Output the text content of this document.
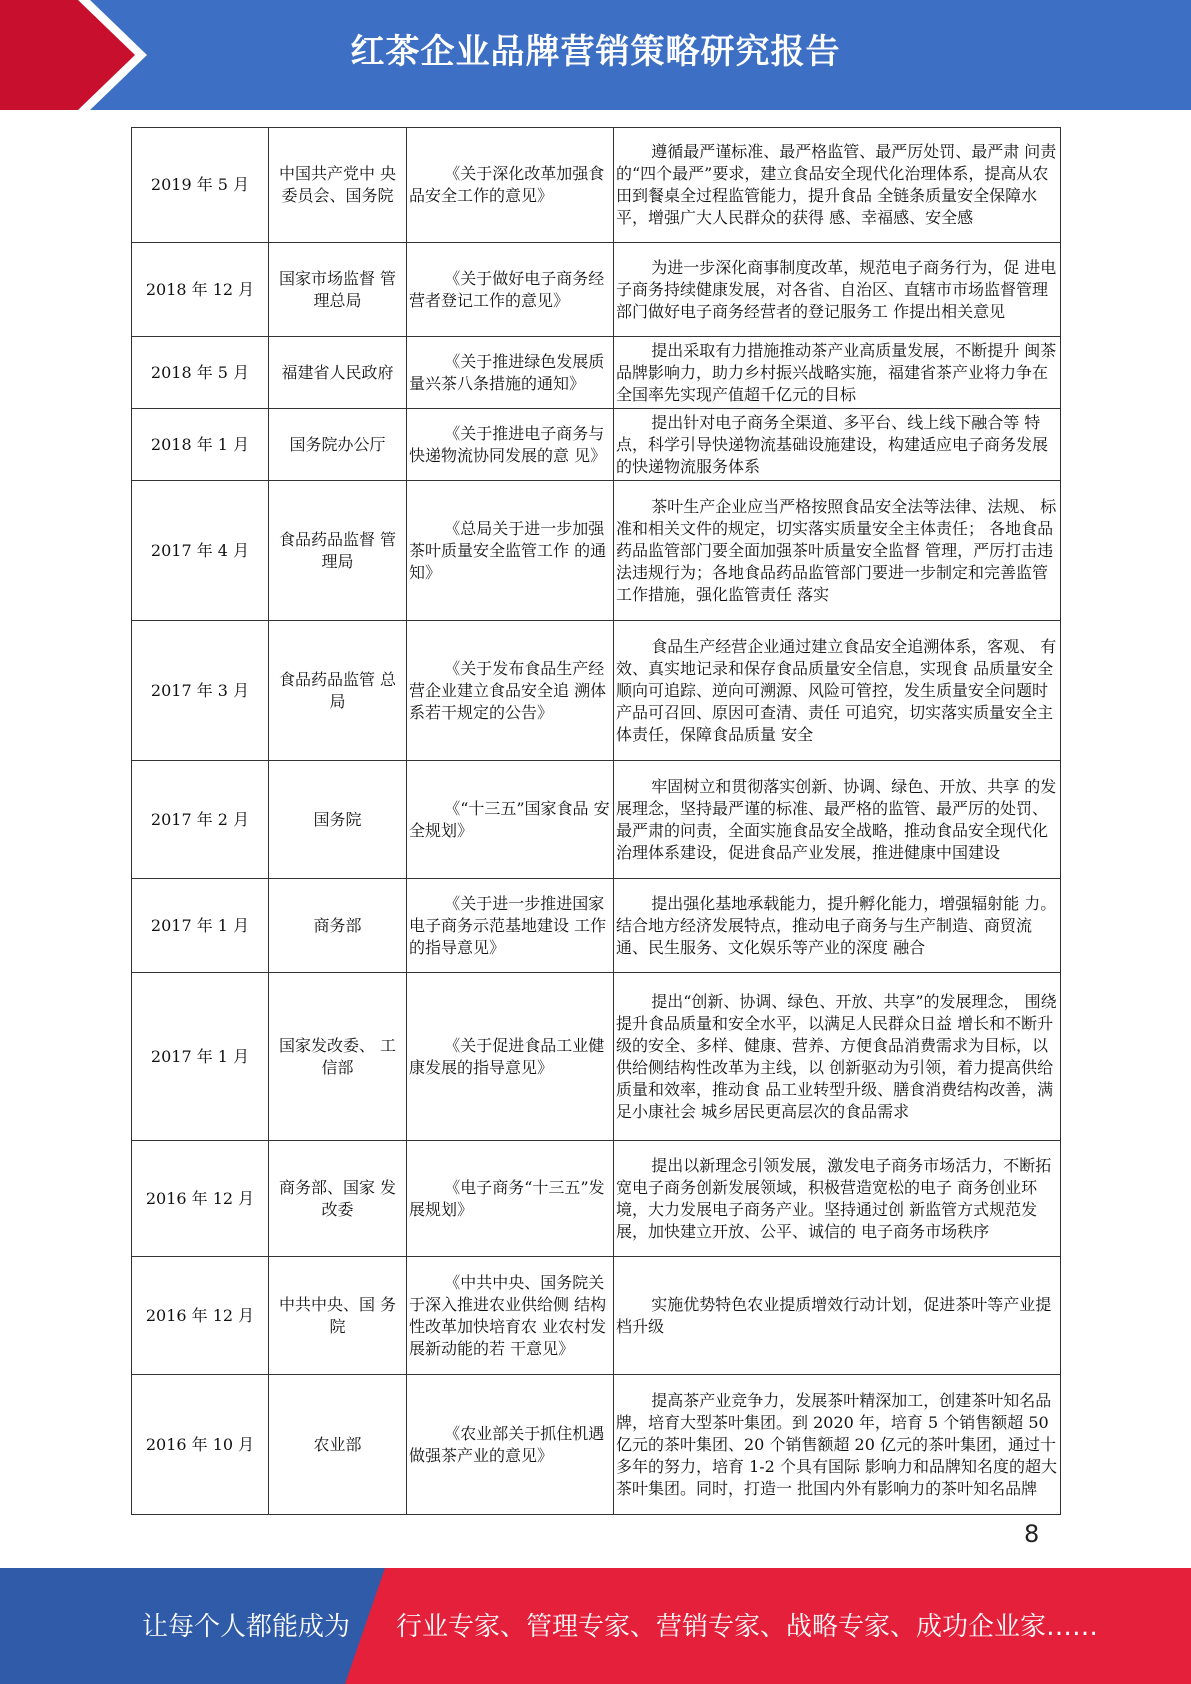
红茶企业品牌营销策略研究报告
2019 年 5 月	中国共产党中 央委员会、国务院	《关于深化改革加强食 品安全工作的意见》	遵循最严谨标准、最严格监管、最严厉处罚、最严肃 问责的“四个最严”要求，建立食品安全现代化治理体系，提高从农田到餐桌全过程监管能力，提升食品 全链条质量安全保障水平，增强广大人民群众的获得 感、幸福感、安全感
2018 年 12 月	国家市场监督 管理总局	《关于做好电子商务经 营者登记工作的意见》	为进一步深化商事制度改革，规范电子商务行为，促 进电子商务持续健康发展，对各省、自治区、直辖市市场监督管理部门做好电子商务经营者的登记服务工 作提出相关意见
2018 年 5 月	福建省人民政府	《关于推进绿色发展质 量兴茶八条措施的通知》	提出采取有力措施推动茶产业高质量发展，不断提升 闽茶品牌影响力，助力乡村振兴战略实施，福建省茶产业将力争在全国率先实现产值超千亿元的目标
2018 年 1 月	国务院办公厅	《关于推进电子商务与 快递物流协同发展的意 见》	提出针对电子商务全渠道、多平台、线上线下融合等 特点，科学引导快递物流基础设施建设，构建适应电子商务发展的快递物流服务体系
2017 年 4 月	食品药品监督 管理局	《总局关于进一步加强 茶叶质量安全监管工作 的通知》	茶叶生产企业应当严格按照食品安全法等法律、法规、 标准和相关文件的规定，切实落实质量安全主体责任； 各地食品药品监管部门要全面加强茶叶质量安全监督 管理，严厉打击违法违规行为；各地食品药品监管部门要进一步制定和完善监管工作措施，强化监管责任 落实
2017 年 3 月	食品药品监管 总局	《关于发布食品生产经 营企业建立食品安全追 溯体系若干规定的公告》	食品生产经营企业通过建立食品安全追溯体系，客观、 有效、真实地记录和保存食品质量安全信息，实现食 品质量安全顺向可追踪、逆向可溯源、风险可管控，发生质量安全问题时产品可召回、原因可查清、责任 可追究，切实落实质量安全主体责任，保障食品质量 安全
2017 年 2 月	国务院	《“十三五”国家食品 安全规划》	牢固树立和贯彻落实创新、协调、绿色、开放、共享 的发展理念，坚持最严谨的标准、最严格的监管、最严厉的处罚、最严肃的问责，全面实施食品安全战略，推动食品安全现代化治理体系建设，促进食品产业发展，推进健康中国建设
2017 年 1 月	商务部	《关于进一步推进国家 电子商务示范基地建设 工作的指导意见》	提出强化基地承载能力，提升孵化能力，增强辐射能 力。结合地方经济发展特点，推动电子商务与生产制造、商贸流通、民生服务、文化娱乐等产业的深度 融合
2017 年 1 月	国家发改委、 工信部	《关于促进食品工业健 康发展的指导意见》	提出“创新、协调、绿色、开放、共享”的发展理念， 围绕提升食品质量和安全水平，以满足人民群众日益 增长和不断升级的安全、多样、健康、营养、方便食品消费需求为目标，以供给侧结构性改革为主线，以 创新驱动为引领，着力提高供给质量和效率，推动食 品工业转型升级、膳食消费结构改善，满足小康社会 城乡居民更高层次的食品需求
2016 年 12 月	商务部、国家 发改委	《电子商务“十三五”发展规划》	提出以新理念引领发展，激发电子商务市场活力，不断拓宽电子商务创新发展领域，积极营造宽松的电子 商务创业环境，大力发展电子商务产业。坚持通过创 新监管方式规范发展，加快建立开放、公平、诚信的 电子商务市场秩序
2016 年 12 月	中共中央、国 务院	《中共中央、国务院关 于深入推进农业供给侧 结构性改革加快培育农 业农村发展新动能的若 干意见》	实施优势特色农业提质增效行动计划，促进茶叶等产业提档升级
2016 年 10 月	农业部	《农业部关于抓住机遇 做强茶产业的意见》	提高茶产业竞争力，发展茶叶精深加工，创建茶叶知名品牌，培育大型茶叶集团。到 2020 年，培育 5 个销售额超 50 亿元的茶叶集团、20 个销售额超 20 亿元的茶叶集团，通过十多年的努力，培育 1-2 个具有国际 影响力和品牌知名度的超大茶叶集团。同时，打造一 批国内外有影响力的茶叶知名品牌
8
让每个人都能成为 行业专家、管理专家、营销专家、战略专家、成功企业家……
